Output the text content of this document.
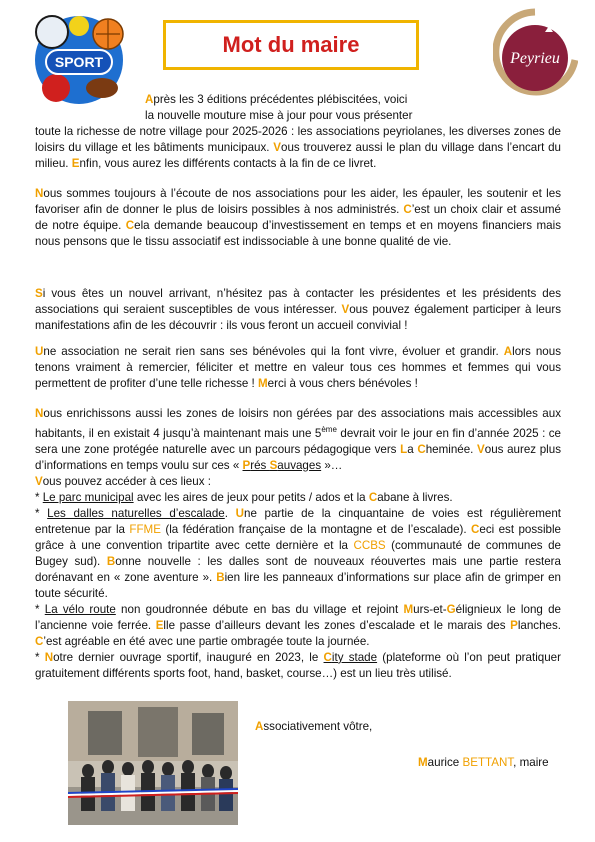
SPORT
Mot du maire
Peyrieu
Après les 3 éditions précédentes plébiscitées, voici
la nouvelle mouture mise à jour pour vous présenter
toute la richesse de notre village pour 2025-2026 : les associations peyriolanes, les diverses zones de loisirs du village et les bâtiments municipaux. Vous trouverez aussi le plan du village dans l’encart du milieu. Enfin, vous aurez les différents contacts à la fin de ce livret.
Nous sommes toujours à l’écoute de nos associations pour les aider, les épauler, les soutenir et les favoriser afin de donner le plus de loisirs possibles à nos administrés. C’est un choix clair et assumé de notre équipe. Cela demande beaucoup d’investissement en temps et en moyens financiers mais nous pensons que le tissu associatif est indissociable à une bonne qualité de vie.
Si vous êtes un nouvel arrivant, n’hésitez pas à contacter les présidentes et les présidents des associations qui seraient susceptibles de vous intéresser. Vous pouvez également participer à leurs manifestations afin de les découvrir : ils vous feront un accueil convivial !
Une association ne serait rien sans ses bénévoles qui la font vivre, évoluer et grandir. Alors nous tenons vraiment à remercier, féliciter et mettre en valeur tous ces hommes et femmes qui vous permettent de profiter d’une telle richesse ! Merci à vous chers bénévoles !
Nous enrichissons aussi les zones de loisirs non gérées par des associations mais accessibles aux habitants, il en existait 4 jusqu’à maintenant mais une 5ème devrait voir le jour en fin d’année 2025 : ce sera une zone protégée naturelle avec un parcours pédagogique vers La Cheminée. Vous aurez plus d’informations en temps voulu sur ces « Prés Sauvages »…
Vous pouvez accéder à ces lieux :
* Le parc municipal avec les aires de jeux pour petits / ados et la Cabane à livres.
* Les dalles naturelles d’escalade. Une partie de la cinquantaine de voies est régulièrement entretenue par la FFME (la fédération française de la montagne et de l’escalade). Ceci est possible grâce à une convention tripartite avec cette dernière et la CCBS (communauté de communes de Bugey sud). Bonne nouvelle : les dalles sont de nouveaux réouvertes mais une partie restera dorénavant en « zone aventure ». Bien lire les panneaux d’informations sur place afin de grimper en toute sécurité.
* La vélo route non goudronnée débute en bas du village et rejoint Murs-et-Gélignieux le long de l’ancienne voie ferrée. Elle passe d’ailleurs devant les zones d’escalade et le marais des Planches. C’est agréable en été avec une partie ombragée toute la journée.
* Notre dernier ouvrage sportif, inauguré en 2023, le City stade (plateforme où l’on peut pratiquer gratuitement différents sports foot, hand, basket, course…) est un lieu très utilisé.
Associativement vôtre,
Maurice BETTANT, maire
